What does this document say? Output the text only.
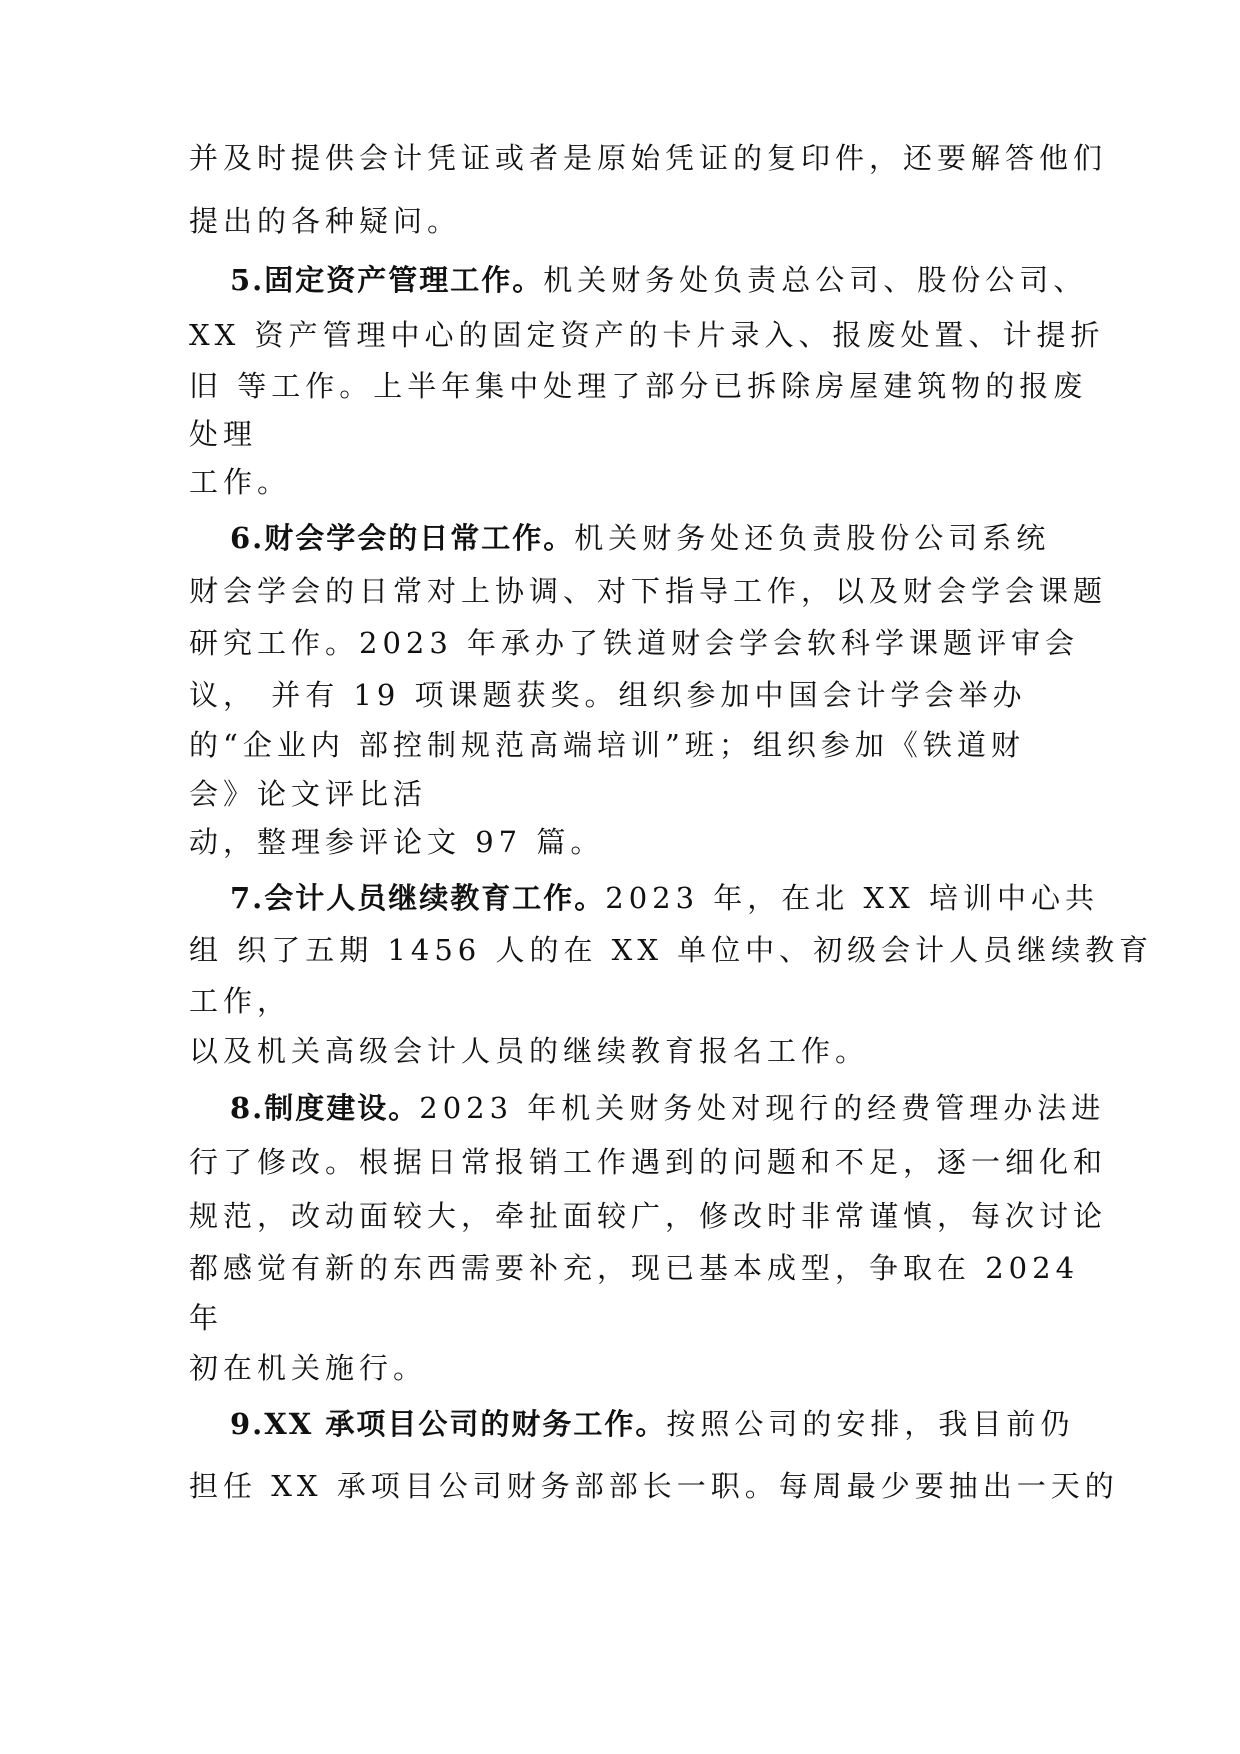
并及时提供会计凭证或者是原始凭证的复印件，还要解答他们

提出的各种疑问。

5.固定资产管理工作。机关财务处负责总公司、股份公司、

XX 资产管理中心的固定资产的卡片录入、报废处置、计提折

旧 等工作。上半年集中处理了部分已拆除房屋建筑物的报废

处理

工作。

6.财会学会的日常工作。机关财务处还负责股份公司系统

财会学会的日常对上协调、对下指导工作，以及财会学会课题

研究工作。2023 年承办了铁道财会学会软科学课题评审会

议， 并有 19 项课题获奖。组织参加中国会计学会举办

的“企业内 部控制规范高端培训”班；组织参加《铁道财

会》论文评比活

动，整理参评论文 97 篇。

7.会计人员继续教育工作。2023 年，在北 XX 培训中心共

组 织了五期 1456 人的在 XX 单位中、初级会计人员继续教育

工作，

以及机关高级会计人员的继续教育报名工作。

8.制度建设。2023 年机关财务处对现行的经费管理办法进

行了修改。根据日常报销工作遇到的问题和不足，逐一细化和

规范，改动面较大，牵扯面较广，修改时非常谨慎，每次讨论

都感觉有新的东西需要补充，现已基本成型，争取在 2024

年

初在机关施行。

9.XX 承项目公司的财务工作。按照公司的安排，我目前仍

担任 XX 承项目公司财务部部长一职。每周最少要抽出一天的
